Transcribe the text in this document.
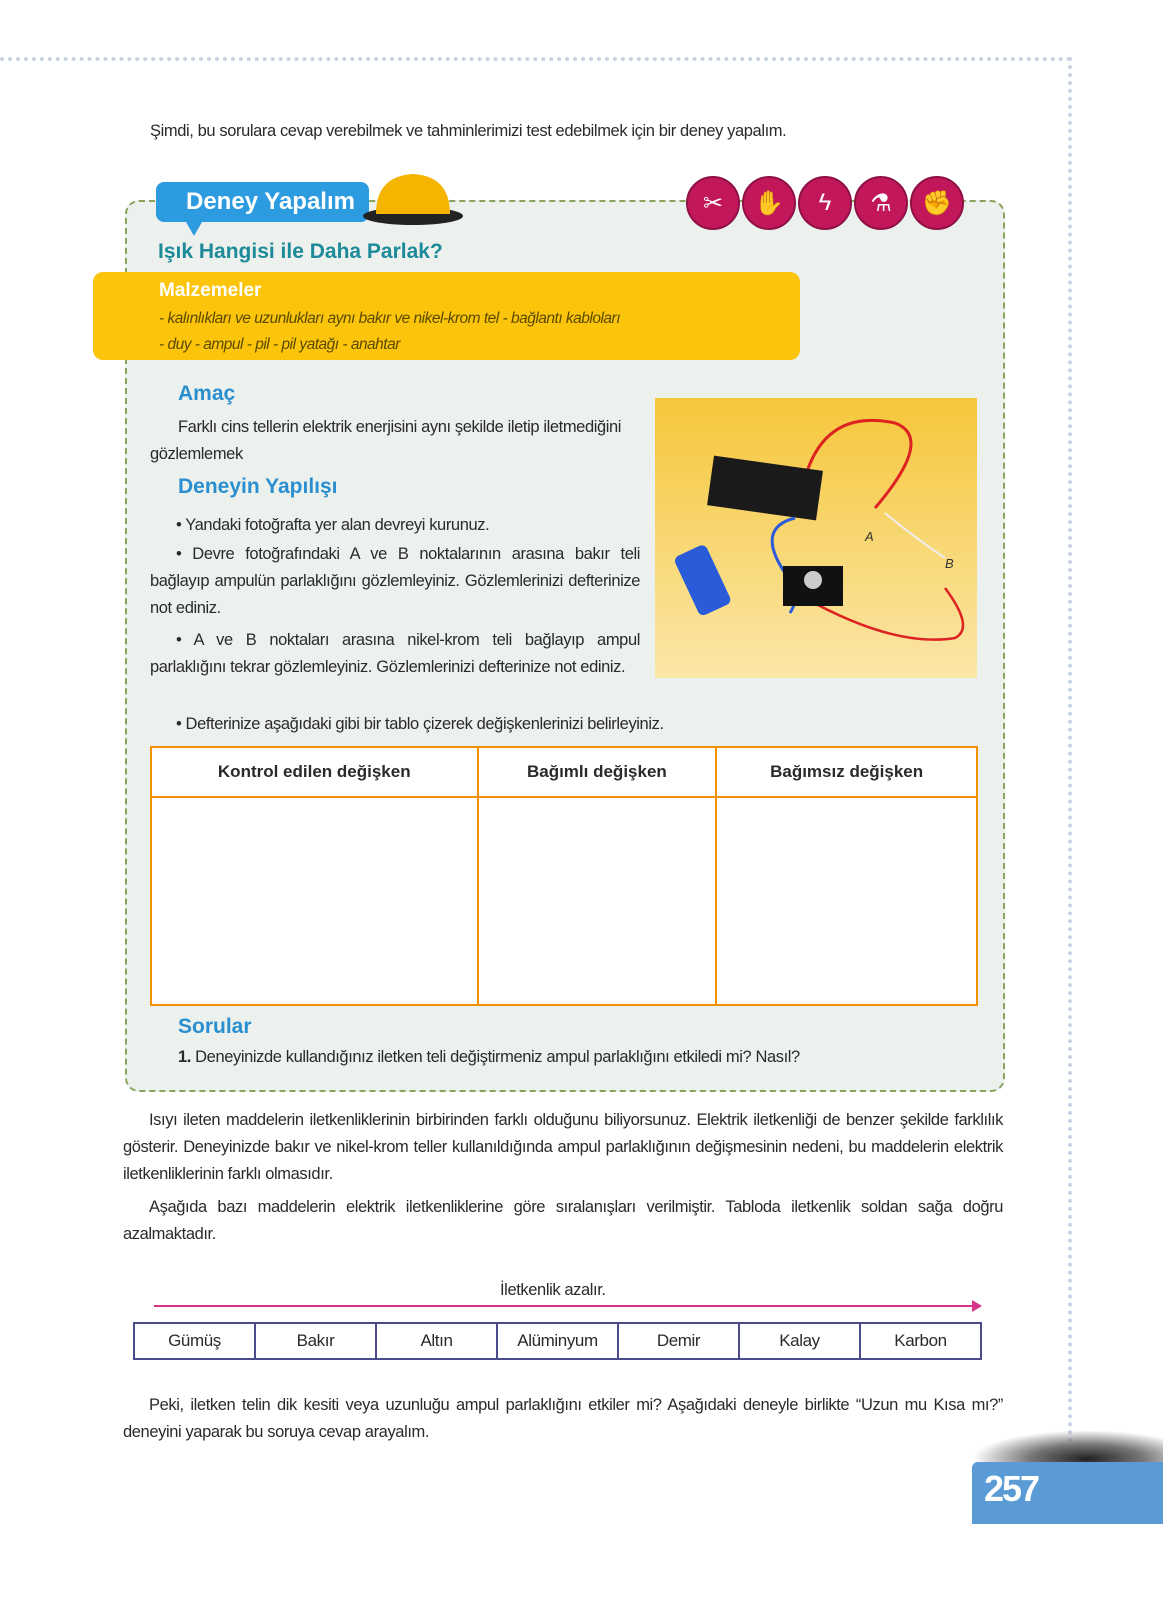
Şimdi, bu sorulara cevap verebilmek ve tahminlerimizi test edebilmek için bir deney yapalım.
Deney Yapalım	✂	✋	ϟ	⚗	✊
Işık Hangisi ile Daha Parlak?
Malzemeler
- kalınlıkları ve uzunlukları aynı bakır ve nikel-krom tel - bağlantı kabloları
- duy - ampul - pil - pil yatağı - anahtar
Amaç
Farklı cins tellerin elektrik enerjisini aynı şekilde iletip iletmediğini gözlemlemek
Deneyin Yapılışı
• Yandaki fotoğrafta yer alan devreyi kurunuz.
• Devre fotoğrafındaki A ve B noktalarının arasına bakır teli bağlayıp ampulün parlaklığını gözlemleyiniz. Gözlemlerinizi defterinize not ediniz.
• A ve B noktaları arasına nikel-krom teli bağlayıp ampul parlaklığını tekrar gözlemleyiniz. Gözlemlerinizi defterinize not ediniz.
• Defterinize aşağıdaki gibi bir tablo çizerek değişkenlerinizi belirleyiniz.
A
B
Kontrol edilen değişken	Bağımlı değişken	Bağımsız değişken

Sorular
1. Deneyinizde kullandığınız iletken teli değiştirmeniz ampul parlaklığını etkiledi mi? Nasıl?
Isıyı ileten maddelerin iletkenliklerinin birbirinden farklı olduğunu biliyorsunuz. Elektrik iletkenliği de benzer şekilde farklılık gösterir. Deneyinizde bakır ve nikel-krom teller kullanıldığında ampul parlaklığının değişmesinin nedeni, bu maddelerin elektrik iletkenliklerinin farklı olmasıdır.
Aşağıda bazı maddelerin elektrik iletkenliklerine göre sıralanışları verilmiştir. Tabloda iletkenlik soldan sağa doğru azalmaktadır.
İletkenlik azalır.
Gümüş	Bakır	Altın	Alüminyum	Demir	Kalay	Karbon
Peki, iletken telin dik kesiti veya uzunluğu ampul parlaklığını etkiler mi? Aşağıdaki deneyle birlikte “Uzun mu Kısa mı?” deneyini yaparak bu soruya cevap arayalım.
257
